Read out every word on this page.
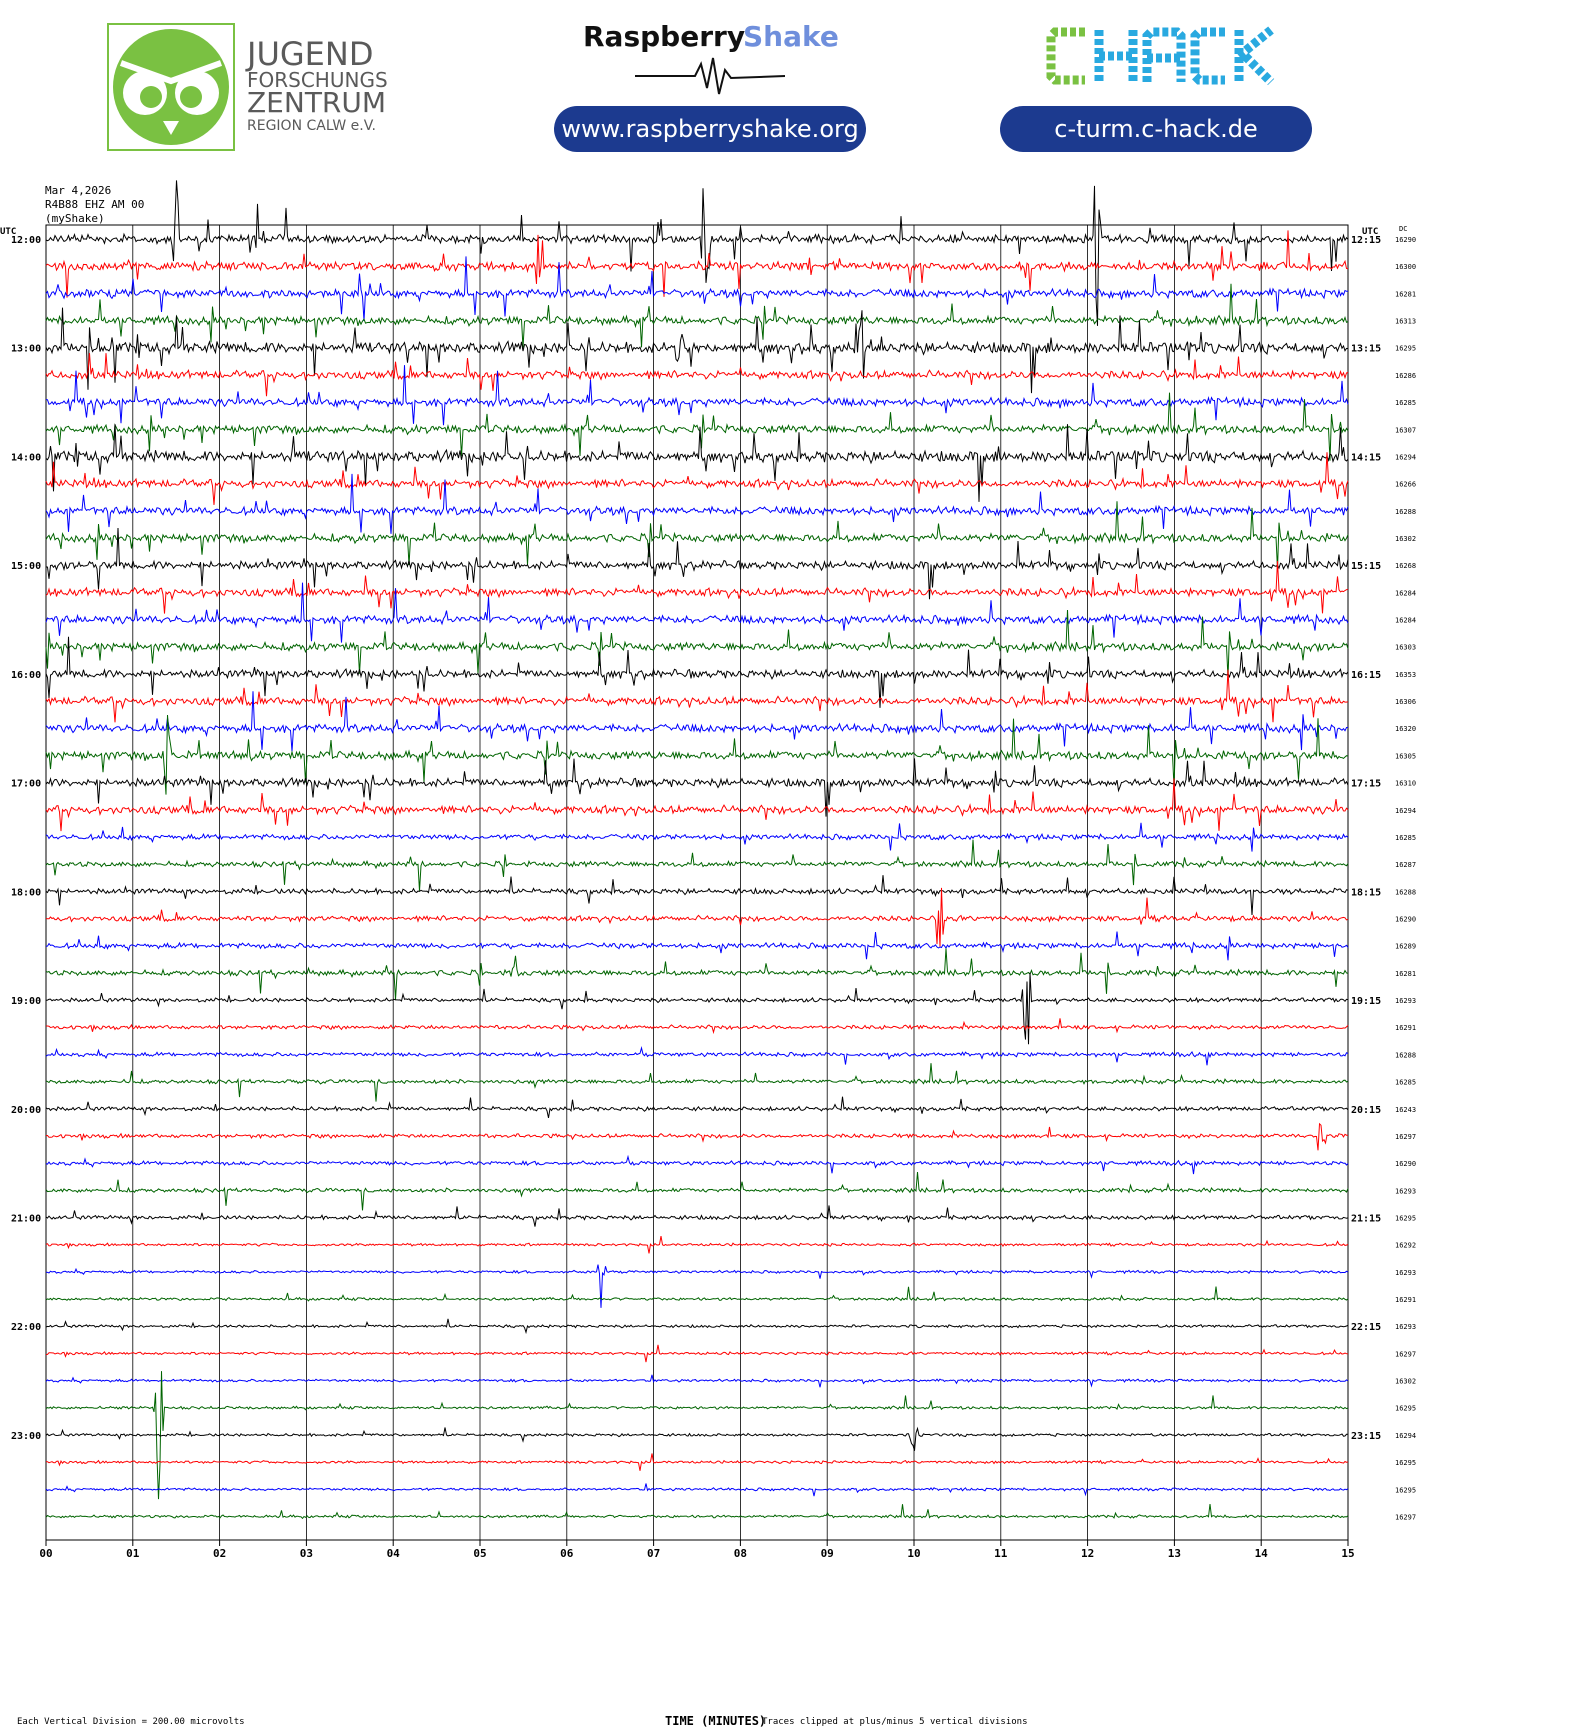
JUGEND
FORSCHUNGS
ZENTRUM
REGION CALW e.V.
Raspberry
Shake
www.raspberryshake.org	c-turm.c-hack.de
Mar 4,2026
R4B88 EHZ AM 00
(myShake)
00	01	02	03	04	05	06	07	08	09	10	11	12	13	14	15
UTC	UTC	DC
16290
12:00	12:15
16300
16281
16313
16295
13:00	13:15
16286
16285
16307
16294
14:00	14:15
16266
16288
16302
16268
15:00	15:15
16284
16284
16303
16353
16:00	16:15
16306
16320
16305
16310
17:00	17:15
16294
16285
16287
16288
18:00	18:15
16290
16289
16281
16293
19:00	19:15
16291
16288
16285
16243
20:00	20:15
16297
16290
16293
16295
21:00	21:15
16292
16293
16291
16293
22:00	22:15
16297
16302
16295
16294
23:00	23:15
16295
16295
16297
Each Vertical Division = 200.00 microvolts	TIME (MINUTES)
Traces clipped at plus/minus 5 vertical divisions
